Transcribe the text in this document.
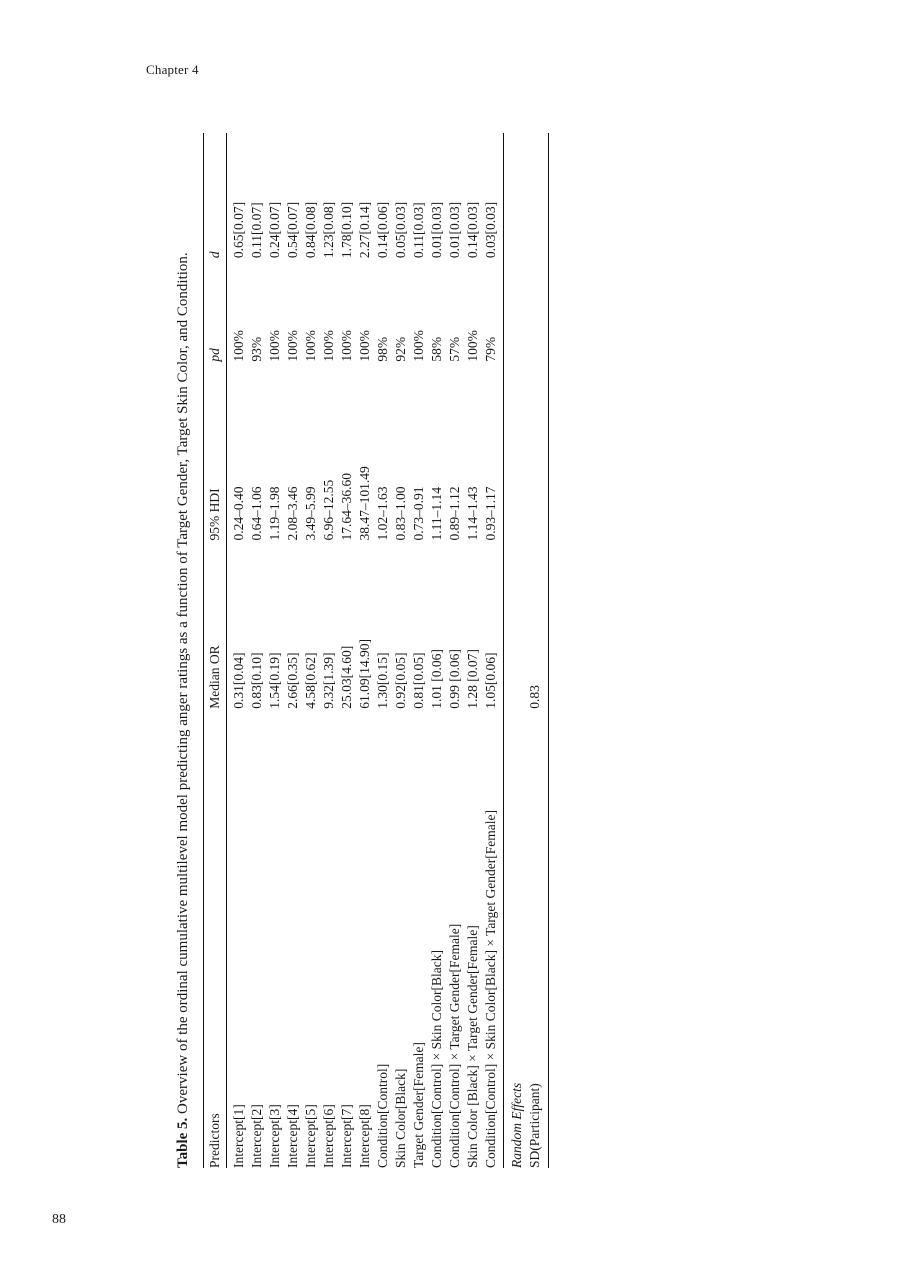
Chapter 4
88

Table 5. Overview of the ordinal cumulative multilevel model predicting anger ratings as a function of Target Gender, Target Skin Color, and Condition.

Predictors	Median OR	95% HDI	pd	d
Intercept[1]	0.31[0.04]	0.24–0.40	100%	0.65[0.07]
Intercept[2]	0.83[0.10]	0.64–1.06	93%	0.11[0.07]
Intercept[3]	1.54[0.19]	1.19–1.98	100%	0.24[0.07]
Intercept[4]	2.66[0.35]	2.08–3.46	100%	0.54[0.07]
Intercept[5]	4.58[0.62]	3.49–5.99	100%	0.84[0.08]
Intercept[6]	9.32[1.39]	6.96–12.55	100%	1.23[0.08]
Intercept[7]	25.03[4.60]	17.64–36.60	100%	1.78[0.10]
Intercept[8]	61.09[14.90]	38.47–101.49	100%	2.27[0.14]
Condition[Control]	1.30[0.15]	1.02–1.63	98%	0.14[0.06]
Skin Color[Black]	0.92[0.05]	0.83–1.00	92%	0.05[0.03]
Target Gender[Female]	0.81[0.05]	0.73–0.91	100%	0.11[0.03]
Condition[Control] × Skin Color[Black]	1.01 [0.06]	1.11–1.14	58%	0.01[0.03]
Condition[Control] × Target Gender[Female]	0.99 [0.06]	0.89–1.12	57%	0.01[0.03]
Skin Color [Black] × Target Gender[Female]	1.28 [0.07]	1.14–1.43	100%	0.14[0.03]
Condition[Control] × Skin Color[Black] × Target Gender[Female]	1.05[0.06]	0.93–1.17	79%	0.03[0.03]
Random Effects				
SD(Participant)	0.83			
